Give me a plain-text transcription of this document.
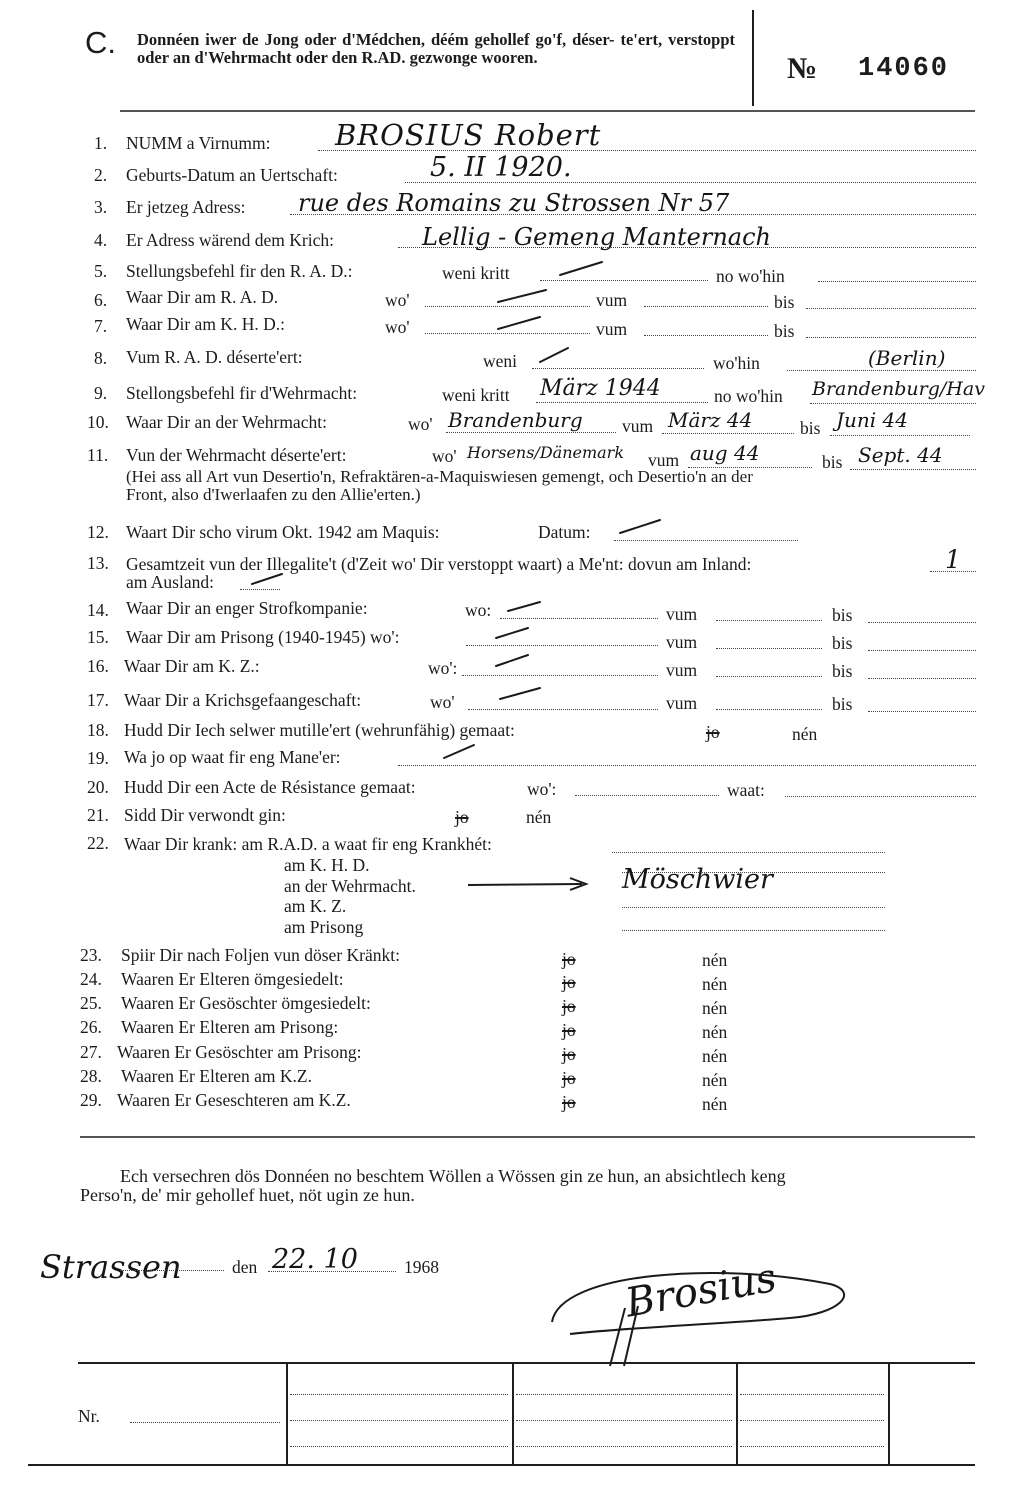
C. Donnéen iwer de Jong oder d'Médchen, déém gehollef go'f, déser- te'ert, verstoppt oder an d'Wehrmacht oder den R.AD. gezwonge wooren.	№ 14060
1. NUMM a Virnumm: BROSIUS Robert
2. Geburts-Datum an Uertschaft:	5. II 1920.
3. Er jetzeg Adress: rue des Romains zu Strossen Nr 57
4. Er Adress wärend dem Krich:	Lellig - Gemeng Manternach
5. Stellungsbefehl fir den R. A. D.:	weni kritt	no wo'hin
6. Waar Dir am R. A. D.	wo'	vum	bis
7. Waar Dir am K. H. D.:	wo'	vum	bis
8. Vum R. A. D. déserte'ert:	weni	wo'hin	(Berlin)
9. Stellongsbefehl fir d'Wehrmacht:	weni kritt März 1944	no wo'hin Brandenburg/Hav
10. Waar Dir an der Wehrmacht:	wo' Brandenburg vum März 44	bis Juni 44
11. Vun der Wehrmacht déserte'ert:	wo' Horsens/Dänemark vum aug 44	bis Sept. 44
(Hei ass all Art vun Desertio'n, Refraktären-a-Maquiswiesen gemengt, och Desertio'n an der
Front, also d'Iwerlaafen zu den Allie'erten.)
12. Waart Dir scho virum Okt. 1942 am Maquis:	Datum:
13. Gesamtzeit vun der Illegalite't (d'Zeit wo' Dir verstoppt waart) a Me'nt: dovun am Inland:	1
am Ausland:
14. Waar Dir an enger Strofkompanie:	wo:	vum	bis
15. Waar Dir am Prisong (1940-1945) wo':	vum	bis
16. Waar Dir am K. Z.:	wo':	vum	bis
17. Waar Dir a Krichsgefaangeschaft:	wo'	vum	bis
18. Hudd Dir Iech selwer mutille'ert (wehrunfähig) gemaat:	jo	nén
19. Wa jo op waat fir eng Mane'er:
20. Hudd Dir een Acte de Résistance gemaat:	wo':	waat:
21. Sidd Dir verwondt gin:	jo	nén
22. Waar Dir krank: am R.A.D. a waat fir eng Krankhét:
am K. H. D.
an der Wehrmacht.
am K. Z.
am Prisong
Möschwier
23. Spiir Dir nach Foljen vun döser Kränkt:	jo	nén
24. Waaren Er Elteren ömgesiedelt:	jo	nén
25. Waaren Er Gesöschter ömgesiedelt:	jo	nén
26. Waaren Er Elteren am Prisong:	jo	nén
27. Waaren Er Gesöschter am Prisong:	jo	nén
28. Waaren Er Elteren am K.Z.	jo	nén
29. Waaren Er Geseschteren am K.Z.	jo	nén
Ech versechren dös Donnéen no beschtem Wöllen a Wössen gin ze hun, an absichtlech keng
Perso'n, de' mir gehollef huet, nöt ugin ze hun.
Strassen	den 22. 10	1968	Brosius
Nr.
